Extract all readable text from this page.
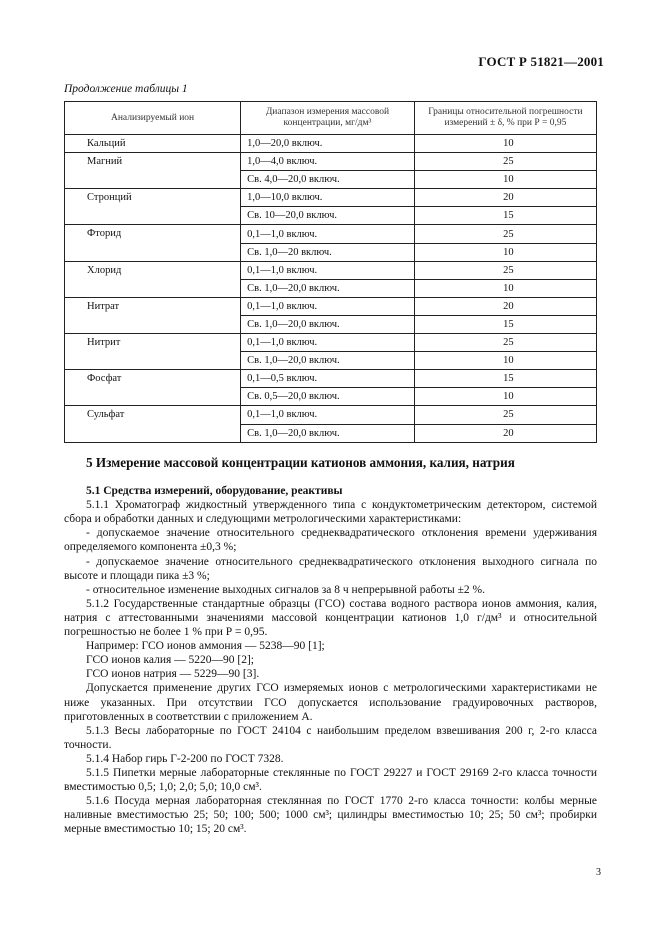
ГОСТ Р 51821—2001
Продолжение таблицы 1
Анализируемый ион	Диапазон измерения массовой концентрации, мг/дм³	Границы относительной погрешности измерений ± δ, % при Р = 0,95
Кальций	1,0—20,0 включ.	10
Магний	1,0—4,0 включ.	25
	Св. 4,0—20,0 включ.	10
Стронций	1,0—10,0 включ.	20
	Св. 10—20,0 включ.	15
Фторид	0,1—1,0 включ.	25
	Св. 1,0—20 включ.	10
Хлорид	0,1—1,0 включ.	25
	Св. 1,0—20,0 включ.	10
Нитрат	0,1—1,0 включ.	20
	Св. 1,0—20,0 включ.	15
Нитрит	0,1—1,0 включ.	25
	Св. 1,0—20,0 включ.	10
Фосфат	0,1—0,5 включ.	15
	Св. 0,5—20,0 включ.	10
Сульфат	0,1—1,0 включ.	25
	Св. 1,0—20,0 включ.	20
5 Измерение массовой концентрации катионов аммония, калия, натрия
5.1 Средства измерений, оборудование, реактивы

5.1.1 Хроматограф жидкостный утвержденного типа с кондуктометрическим детектором, системой сбора и обработки данных и следующими метрологическими характеристиками:

- допускаемое значение относительного среднеквадратического отклонения времени удерживания определяемого компонента ±0,3 %;

- допускаемое значение относительного среднеквадратического отклонения выходного сигнала по высоте и площади пика ±3 %;

- относительное изменение выходных сигналов за 8 ч непрерывной работы ±2 %.

5.1.2 Государственные стандартные образцы (ГСО) состава водного раствора ионов аммония, калия, натрия с аттестованными значениями массовой концентрации катионов 1,0 г/дм³ и относительной погрешностью не более 1 % при Р = 0,95.

Например: ГСО ионов аммония — 5238—90 [1];

ГСО ионов калия — 5220—90 [2];

ГСО ионов натрия — 5229—90 [3].

Допускается применение других ГСО измеряемых ионов с метрологическими характеристиками не ниже указанных. При отсутствии ГСО допускается использование градуировочных растворов, приготовленных в соответствии с приложением А.

5.1.3 Весы лабораторные по ГОСТ 24104 с наибольшим пределом взвешивания 200 г, 2-го класса точности.

5.1.4 Набор гирь Г-2-200 по ГОСТ 7328.

5.1.5 Пипетки мерные лабораторные стеклянные по ГОСТ 29227 и ГОСТ 29169 2-го класса точности вместимостью 0,5; 1,0; 2,0; 5,0; 10,0 см³.

5.1.6 Посуда мерная лабораторная стеклянная по ГОСТ 1770 2-го класса точности: колбы мерные наливные вместимостью 25; 50; 100; 500; 1000 см³; цилиндры вместимостью 10; 25; 50 см³; пробирки мерные вместимостью 10; 15; 20 см³.

3
